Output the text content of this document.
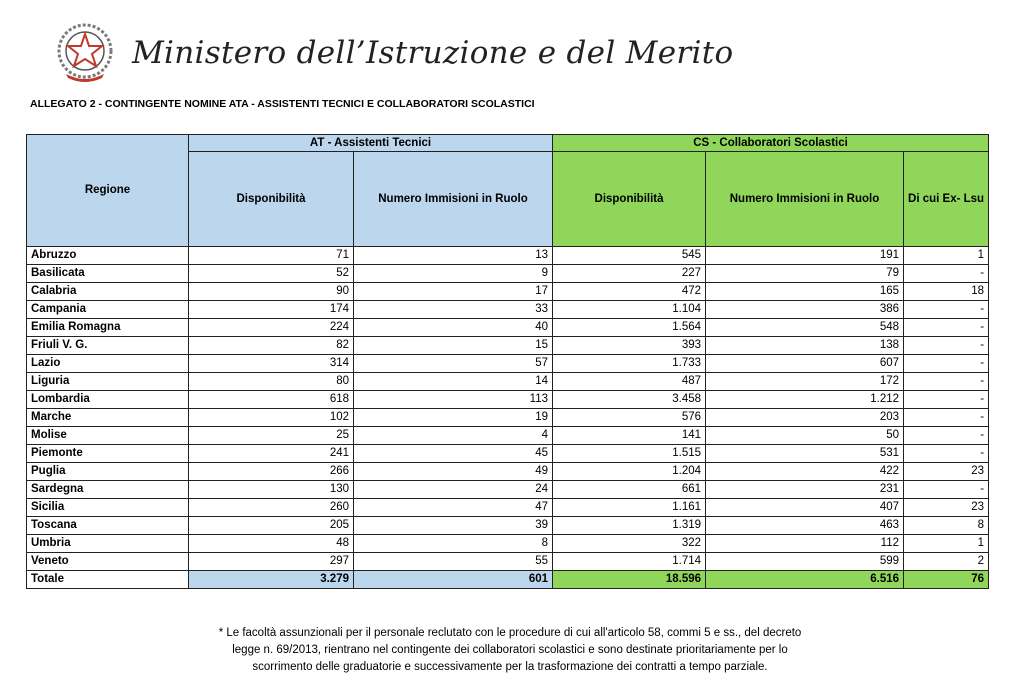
Ministero dell’Istruzione e del Merito
ALLEGATO 2 - CONTINGENTE NOMINE ATA - ASSISTENTI TECNICI E COLLABORATORI SCOLASTICI
Regione	AT - Assistenti Tecnici		CS - Collaboratori Scolastici		
	Disponibilità	Numero Immisioni in Ruolo	Disponibilità	Numero Immisioni in Ruolo	Di cui Ex- Lsu
Abruzzo	71	13	545	191	1
Basilicata	52	9	227	79	-
Calabria	90	17	472	165	18
Campania	174	33	1.104	386	-
Emilia Romagna	224	40	1.564	548	-
Friuli V. G.	82	15	393	138	-
Lazio	314	57	1.733	607	-
Liguria	80	14	487	172	-
Lombardia	618	113	3.458	1.212	-
Marche	102	19	576	203	-
Molise	25	4	141	50	-
Piemonte	241	45	1.515	531	-
Puglia	266	49	1.204	422	23
Sardegna	130	24	661	231	-
Sicilia	260	47	1.161	407	23
Toscana	205	39	1.319	463	8
Umbria	48	8	322	112	1
Veneto	297	55	1.714	599	2
Totale	3.279	601	18.596	6.516	76
* Le facoltà assunzionali per il personale reclutato con le procedure di cui all'articolo 58, commi 5 e ss., del decreto
legge n. 69/2013, rientrano nel contingente dei collaboratori scolastici e sono destinate prioritariamente per lo
scorrimento delle graduatorie e successivamente per la trasformazione dei contratti a tempo parziale.
